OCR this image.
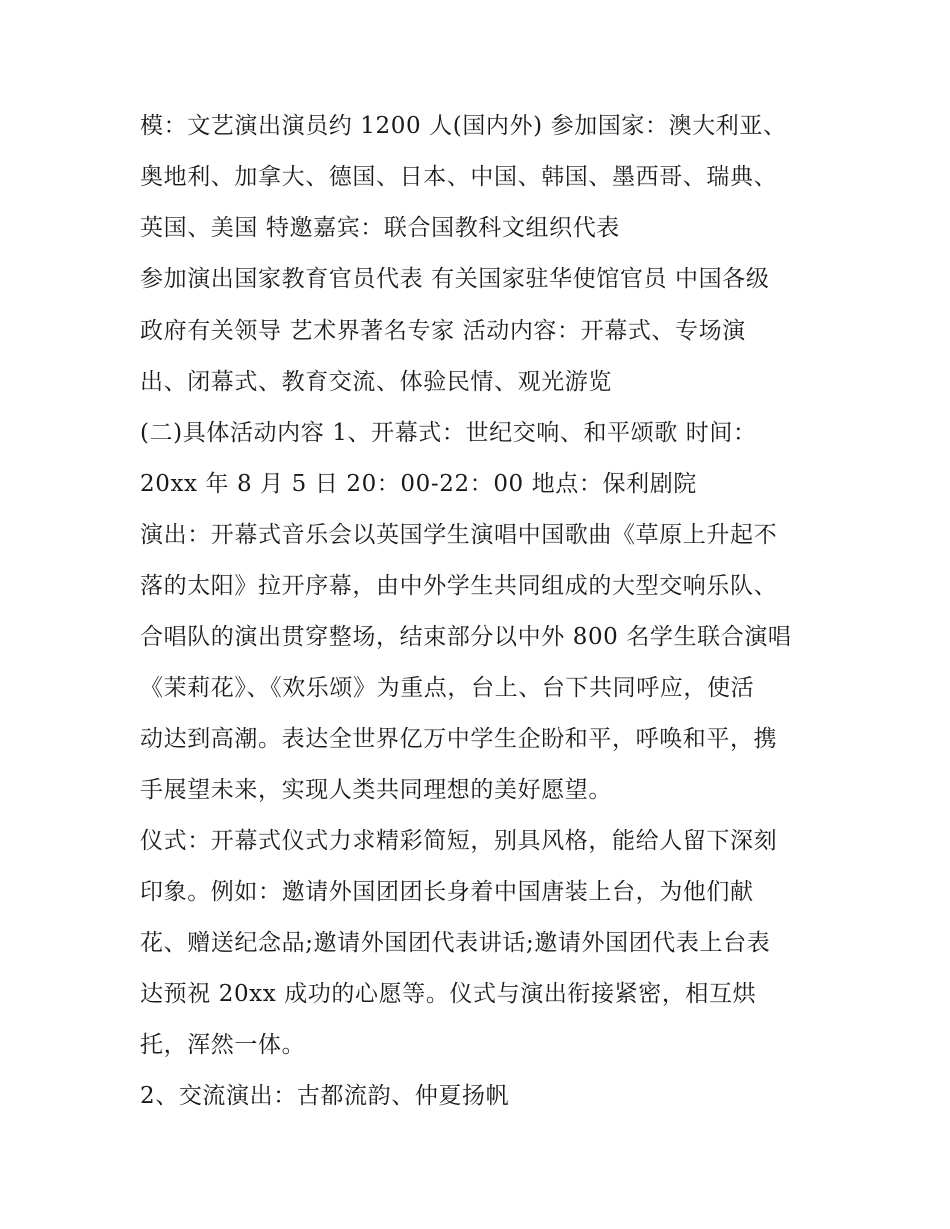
模：文艺演出演员约 1200 人(国内外) 参加国家：澳大利亚、

奥地利、加拿大、德国、日本、中国、韩国、墨西哥、瑞典、

英国、美国 特邀嘉宾：联合国教科文组织代表

参加演出国家教育官员代表 有关国家驻华使馆官员 中国各级

政府有关领导 艺术界著名专家 活动内容：开幕式、专场演

出、闭幕式、教育交流、体验民情、观光游览

(二)具体活动内容 1、开幕式：世纪交响、和平颂歌 时间：

20xx 年 8 月 5 日 20：00-22：00 地点：保利剧院

演出：开幕式音乐会以英国学生演唱中国歌曲《草原上升起不

落的太阳》拉开序幕，由中外学生共同组成的大型交响乐队、

合唱队的演出贯穿整场，结束部分以中外 800 名学生联合演唱

《茉莉花》、《欢乐颂》为重点，台上、台下共同呼应，使活

动达到高潮。表达全世界亿万中学生企盼和平，呼唤和平，携

手展望未来，实现人类共同理想的美好愿望。

仪式：开幕式仪式力求精彩简短，别具风格，能给人留下深刻

印象。例如：邀请外国团团长身着中国唐装上台，为他们献

花、赠送纪念品;邀请外国团代表讲话;邀请外国团代表上台表

达预祝 20xx 成功的心愿等。仪式与演出衔接紧密，相互烘

托，浑然一体。

2、交流演出：古都流韵、仲夏扬帆
